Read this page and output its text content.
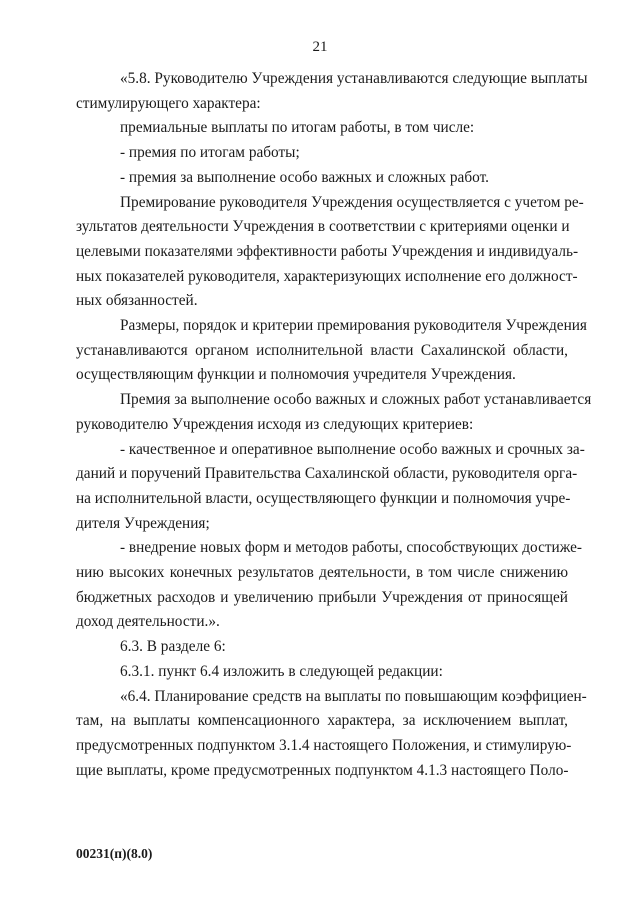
21
«5.8. Руководителю Учреждения устанавливаются следующие выплаты
стимулирующего характера:
премиальные выплаты по итогам работы, в том числе:
- премия по итогам работы;
- премия за выполнение особо важных и сложных работ.
Премирование руководителя Учреждения осуществляется с учетом ре-
зультатов деятельности Учреждения в соответствии с критериями оценки и
целевыми показателями эффективности работы Учреждения и индивидуаль-
ных показателей руководителя, характеризующих исполнение его должност-
ных обязанностей.
Размеры, порядок и критерии премирования руководителя Учреждения
устанавливаются органом исполнительной власти Сахалинской области,
осуществляющим функции и полномочия учредителя Учреждения.
Премия за выполнение особо важных и сложных работ устанавливается
руководителю Учреждения исходя из следующих критериев:
- качественное и оперативное выполнение особо важных и срочных за-
даний и поручений Правительства Сахалинской области, руководителя орга-
на исполнительной власти, осуществляющего функции и полномочия учре-
дителя Учреждения;
- внедрение новых форм и методов работы, способствующих достиже-
нию высоких конечных результатов деятельности, в том числе снижению
бюджетных расходов и увеличению прибыли Учреждения от приносящей
доход деятельности.».
6.3. В разделе 6:
6.3.1. пункт 6.4 изложить в следующей редакции:
«6.4. Планирование средств на выплаты по повышающим коэффициен-
там, на выплаты компенсационного характера, за исключением выплат,
предусмотренных подпунктом 3.1.4 настоящего Положения, и стимулирую-
щие выплаты, кроме предусмотренных подпунктом 4.1.3 настоящего Поло-
00231(п)(8.0)
